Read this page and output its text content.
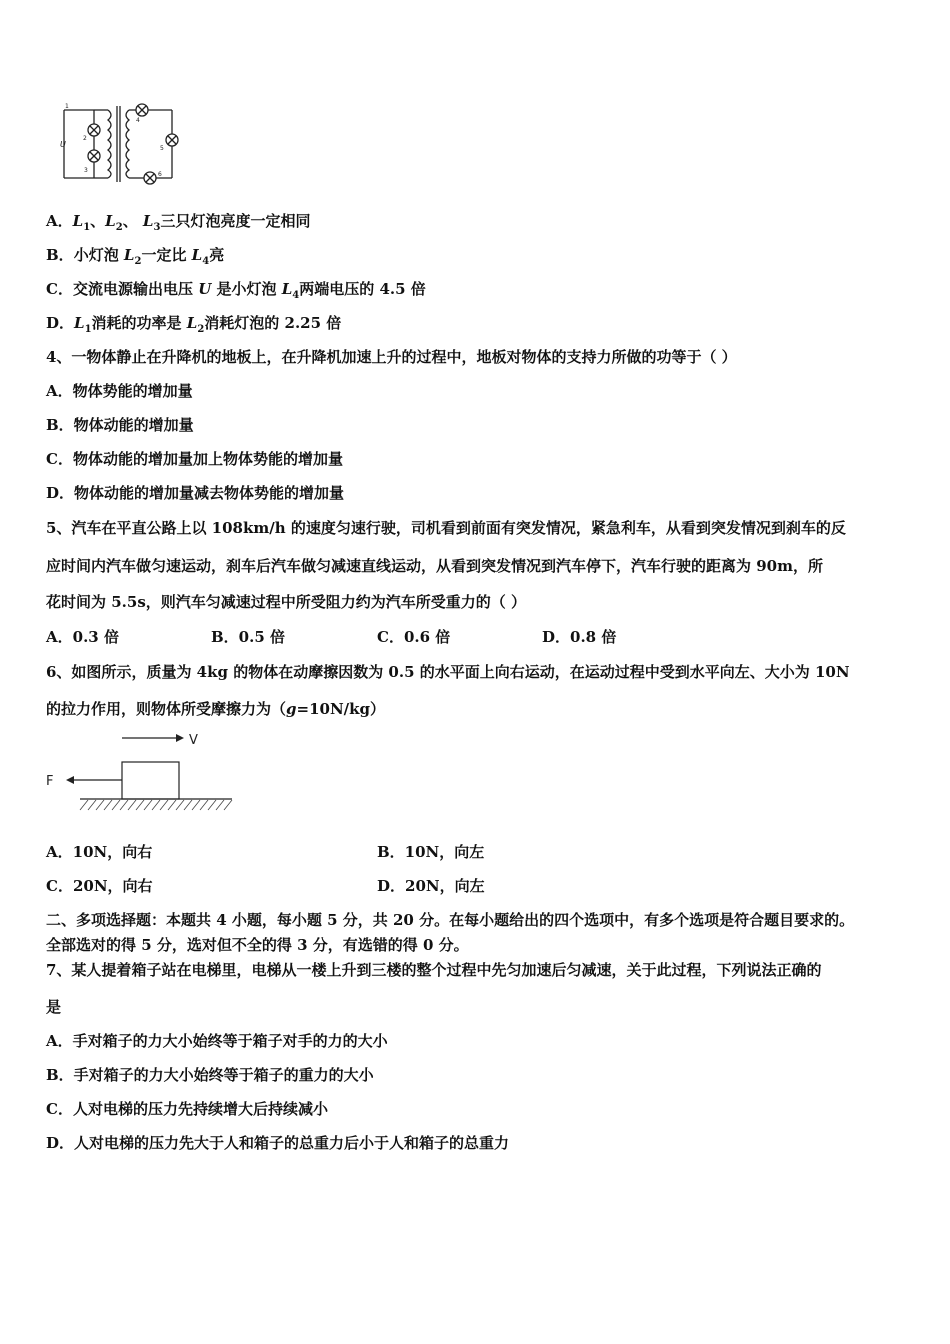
U
1
2
3
4
5
6
A．$L_1$、$L_2$、 $L_3$三只灯泡亮度一定相同
B．小灯泡 $L_2$一定比 $L_4$亮
C．交流电源输出电压 U 是小灯泡 $L_4$两端电压的 4.5 倍
D．$L_1$消耗的功率是 $L_2$消耗灯泡的 2.25 倍
4、一物体静止在升降机的地板上，在升降机加速上升的过程中，地板对物体的支持力所做的功等于（ ）
A．物体势能的增加量
B．物体动能的增加量
C．物体动能的增加量加上物体势能的增加量
D．物体动能的增加量减去物体势能的增加量
5、汽车在平直公路上以 108km/h 的速度匀速行驶，司机看到前面有突发情况，紧急利车，从看到突发情况到刹车的反
应时间内汽车做匀速运动，刹车后汽车做匀减速直线运动，从看到突发情况到汽车停下，汽车行驶的距离为 90m，所
花时间为 5.5s，则汽车匀减速过程中所受阻力约为汽车所受重力的（ ）
A．0.3 倍	B．0.5 倍	C．0.6 倍	D．0.8 倍
6、如图所示，质量为 4kg 的物体在动摩擦因数为 0.5 的水平面上向右运动，在运动过程中受到水平向左、大小为 10N
的拉力作用，则物体所受摩擦力为（g=10N/kg）
V
F
A．10N，向右	B．10N，向左
C．20N，向右	D．20N，向左
二、多项选择题：本题共 4 小题，每小题 5 分，共 20 分。在每小题给出的四个选项中，有多个选项是符合题目要求的。
全部选对的得 5 分，选对但不全的得 3 分，有选错的得 0 分。
7、某人提着箱子站在电梯里，电梯从一楼上升到三楼的整个过程中先匀加速后匀减速，关于此过程，下列说法正确的
是
A．手对箱子的力大小始终等于箱子对手的力的大小
B．手对箱子的力大小始终等于箱子的重力的大小
C．人对电梯的压力先持续增大后持续减小
D．人对电梯的压力先大于人和箱子的总重力后小于人和箱子的总重力
